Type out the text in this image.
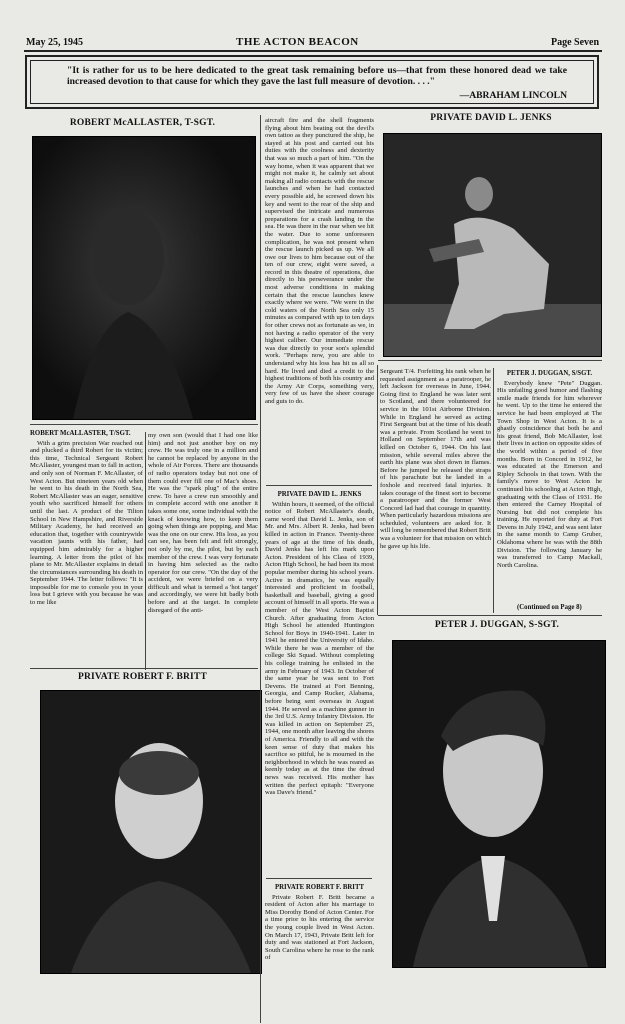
May 25, 1945	THE ACTON BEACON	Page Seven
"It is rather for us to be here dedicated to the great task remaining before us—that from these honored dead we take increased devotion to that cause for which they gave the last full measure of devotion. . . ."
—ABRAHAM LINCOLN
ROBERT McALLASTER, T-SGT.	PRIVATE DAVID L. JENKS
PRIVATE ROBERT F. BRITT
PETER J. DUGGAN, S-SGT.
ROBERT McALLASTER, T/SGT.

With a grim precision War reached out and plucked a third Robert for its victim; this time, Technical Sergeant Robert McAllaster, youngest man to fall in action, and only son of Norman F. McAllaster, of West Acton. But nineteen years old when he went to his death in the North Sea, Robert McAllaster was an eager, sensitive youth who sacrificed himself for others until the last. A product of the Tilton School in New Hampshire, and Riverside Military Academy, he had received an education that, together with countrywide vacation jaunts with his father, had equipped him admirably for a higher learning. A letter from the pilot of his plane to Mr. McAllaster explains in detail the circumstances surrounding his death in September 1944. The letter follows: "It is impossible for me to console you in your loss but I grieve with you because he was to me like

my own son (would that I had one like him) and not just another boy on my crew. He was truly one in a million and he cannot be replaced by anyone in the whole of Air Forces. There are thousands of radio operators today but not one of them could ever fill one of Mac's shoes. He was the "spark plug" of the entire crew. To have a crew run smoothly and in complete accord with one another it takes some one, some individual with the knack of knowing how, to keep them going when things are popping, and Mac was the one on our crew. His loss, as you can see, has been felt and felt strongly, not only by me, the pilot, but by each member of the crew. I was very fortunate in having him selected as the radio operator for our crew. "On the day of the accident, we were briefed on a very difficult and what is termed a 'hot target' and accordingly, we were hit badly both before and at the target. In complete disregard of the anti-

aircraft fire and the shell fragments flying about him beating out the devil's own tattoo as they punctured the ship, he stayed at his post and carried out his duties with the coolness and dexterity that was so much a part of him. "On the way home, when it was apparent that we might not make it, he calmly set about making all radio contacts with the rescue launches and when he had contacted every possible aid, he screwed down his key and went to the rear of the ship and supervised the intricate and numerous preparations for a crash landing in the sea. He was there in the rear when we hit the water. Due to some unforeseen complication, he was not present when the rescue launch picked us up. We all owe our lives to him because out of the ten of our crew, eight were saved, a record in this theatre of operations, due directly to his perseverance under the most adverse conditions in making certain that the rescue launches knew exactly where we were. "We were in the cold waters of the North Sea only 15 minutes as compared with up to ten days for other crews not as fortunate as we, in not having a radio operator of the very highest caliber. Our immediate rescue was due directly to your son's splendid work. "Perhaps now, you are able to understand why his loss has hit us all so hard. He lived and died a credit to the highest traditions of both his country and the Army Air Corps, something very, very few of us have the sheer courage and guts to do.

PRIVATE DAVID L. JENKS

Within hours, it seemed, of the official notice of Robert McAllaster's death, came word that David L. Jenks, son of Mr. and Mrs. Albert R. Jenks, had been killed in action in France. Twenty-three years of age at the time of his death, David Jenks has left his mark upon Acton. President of his Class of 1939, Acton High School, he had been its most popular member during his school years. Active in dramatics, he was equally interested and proficient in football, basketball and baseball, giving a good account of himself in all sports. He was a member of the West Acton Baptist Church. After graduating from Acton High School he attended Huntington School for Boys in 1940-1941. Later in 1941 he entered the University of Idaho. While there he was a member of the college Ski Squad. Without completing his college training he enlisted in the army in February of 1943. In October of the same year he was sent to Fort Devens. He trained at Fort Benning, Georgia, and Camp Rucker, Alabama, before being sent overseas in August 1944. He served as a machine gunner in the 3rd U.S. Army Infantry Division. He was killed in action on September 25, 1944, one month after leaving the shores of America. Friendly to all and with the keen sense of duty that makes his sacrifice so pitiful, he is mourned in the neighborhood in which he was reared as keenly today as at the time the dread news was received. His mother has written the perfect epitaph: "Everyone was Dave's friend."

PRIVATE ROBERT F. BRITT

Private Robert F. Britt became a resident of Acton after his marriage to Miss Dorothy Bond of Acton Center. For a time prior to his entering the service the young couple lived in West Acton. On March 17, 1943, Private Britt left for duty and was stationed at Fort Jackson, South Carolina where he rose to the rank of

Sergeant T/4. Forfeiting his rank when he requested assignment as a paratrooper, he left Jackson for overseas in June, 1944. Going first to England he was later sent to Scotland, and there volunteered for service in the 101st Airborne Division. While in England he served as acting First Sergeant but at the time of his death was a private. From Scotland he went to Holland on September 17th and was killed on October 6, 1944. On his last mission, while several miles above the earth his plane was shot down in flames. Before he jumped he released the straps of his parachute but he landed in a foxhole and received fatal injuries. It takes courage of the finest sort to become a paratrooper and the former West Concord lad had that courage in quantity. When particularly hazardous missions are scheduled, volunteers are asked for. It will long be remembered that Robert Britt was a volunteer for that mission on which he gave up his life.

PETER J. DUGGAN, S/SGT.

Everybody knew "Pete" Duggan. His unfailing good humor and flashing smile made friends for him wherever he went. Up to the time he entered the service he had been employed at The Town Shop in West Acton. It is a ghastly coincidence that both he and his great friend, Bob McAllaster, lost their lives in action on opposite sides of the world within a period of five months. Born in Concord in 1912, he was educated at the Emerson and Ripley Schools in that town. With the family's move to West Acton he continued his schooling at Acton High, graduating with the Class of 1931. He then entered the Carney Hospital of Nursing but did not complete his training. He reported for duty at Fort Devens in July 1942, and was sent later in the same month to Camp Gruber, Oklahoma where he was with the 88th Division. The following January he was transferred to Camp Mackall, North Carolina.

(Continued on Page 8)
